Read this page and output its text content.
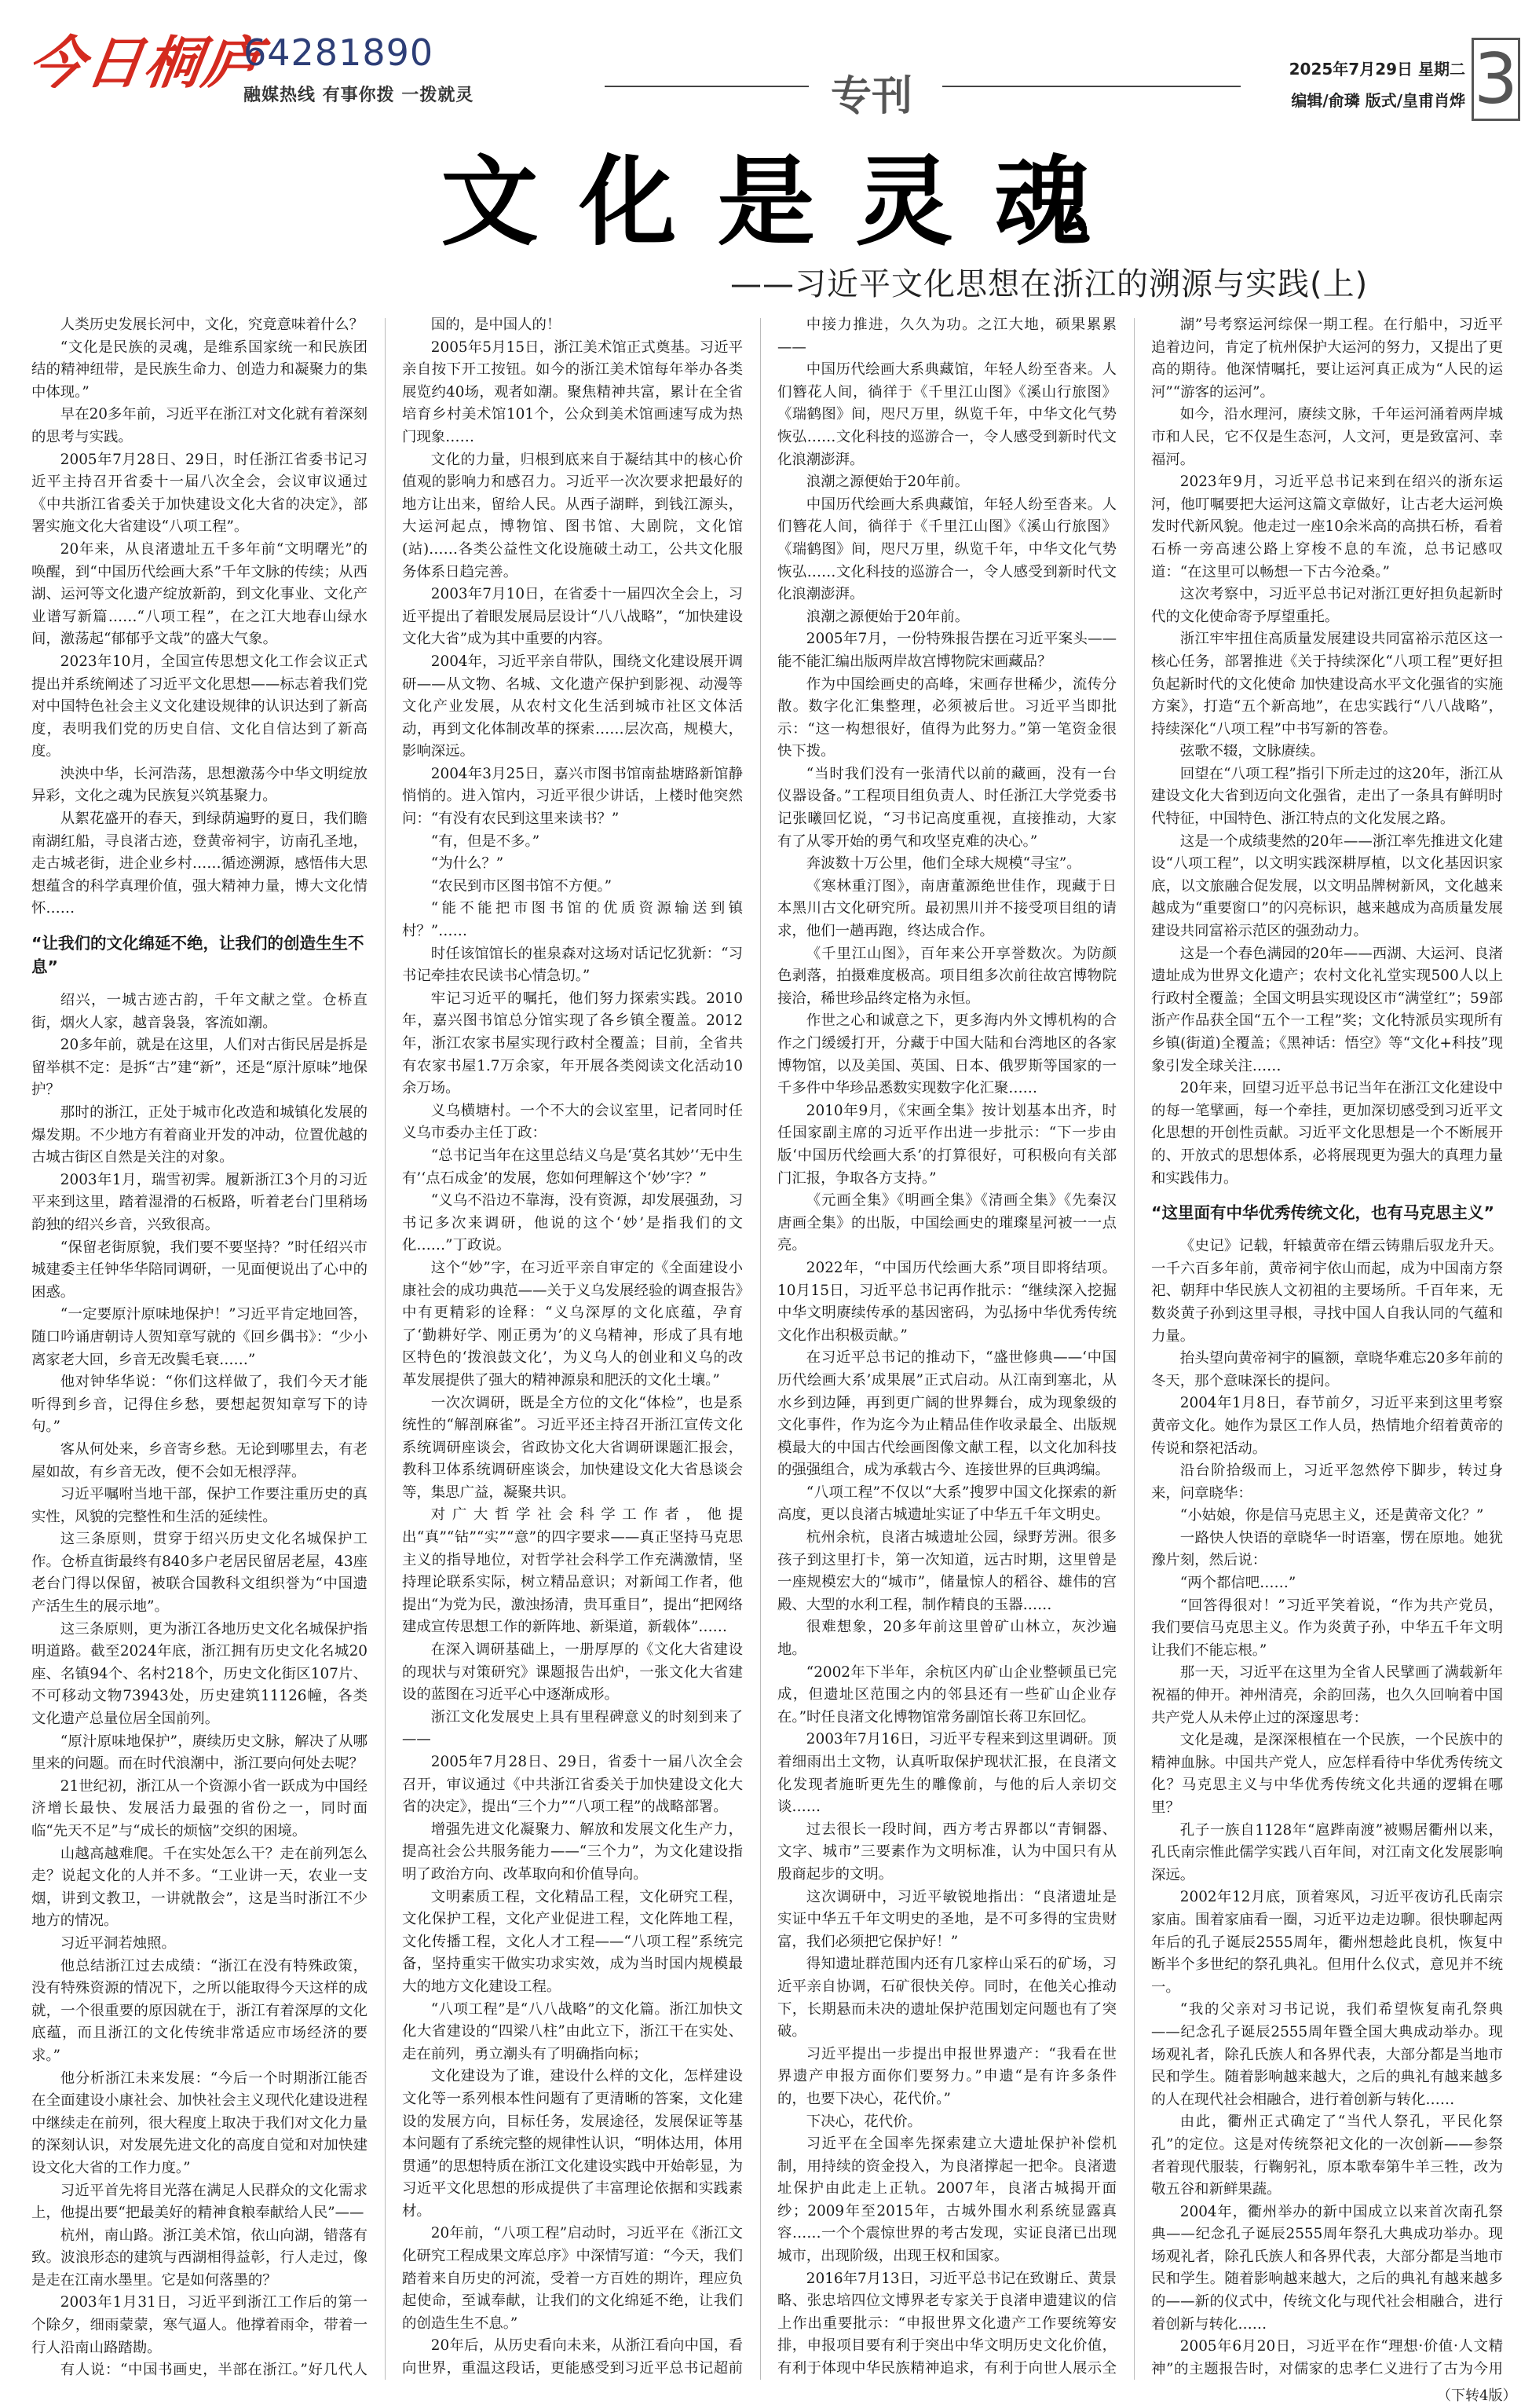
今日桐庐
64281890
融媒热线 有事你拨 一拨就灵	专刊
2025年7月29日 星期二
编辑/俞璘 版式/皇甫肖烨 3
文化是灵魂
——习近平文化思想在浙江的溯源与实践(上)

人类历史发展长河中，文化，究竟意味着什么？

“文化是民族的灵魂，是维系国家统一和民族团结的精神纽带，是民族生命力、创造力和凝聚力的集中体现。”

早在20多年前，习近平在浙江对文化就有着深刻的思考与实践。

2005年7月28日、29日，时任浙江省委书记习近平主持召开省委十一届八次全会，会议审议通过《中共浙江省委关于加快建设文化大省的决定》，部署实施文化大省建设“八项工程”。

20年来，从良渚遗址五千多年前“文明曙光”的唤醒，到“中国历代绘画大系”千年文脉的传续；从西湖、运河等文化遗产绽放新韵，到文化事业、文化产业谱写新篇……“八项工程”，在之江大地春山绿水间，激荡起“郁郁乎文哉”的盛大气象。

2023年10月，全国宣传思想文化工作会议正式提出并系统阐述了习近平文化思想——标志着我们党对中国特色社会主义文化建设规律的认识达到了新高度，表明我们党的历史自信、文化自信达到了新高度。

泱泱中华，长河浩荡，思想激荡今中华文明绽放异彩，文化之魂为民族复兴筑基聚力。

从絮花盛开的春天，到绿荫遍野的夏日，我们瞻南湖红船，寻良渚古迹，登黄帝祠宇，访南孔圣地，走古城老街，进企业乡村……循迹溯源，感悟伟大思想蕴含的科学真理价值，强大精神力量，博大文化情怀……

“让我们的文化绵延不绝，让我们的创造生生不息”

绍兴，一城古迹古韵，千年文献之堂。仓桥直街，烟火人家，越音袅袅，客流如潮。

20多年前，就是在这里，人们对古街民居是拆是留举棋不定：是拆“古”建“新”，还是“原汁原味”地保护？

那时的浙江，正处于城市化改造和城镇化发展的爆发期。不少地方有着商业开发的冲动，位置优越的古城古街区自然是关注的对象。

2003年1月，瑞雪初霁。履新浙江3个月的习近平来到这里，踏着湿滑的石板路，听着老台门里稍场韵独的绍兴乡音，兴致很高。

“保留老街原貌，我们要不要坚持？”时任绍兴市城建委主任钟华华陪同调研，一见面便说出了心中的困惑。

“一定要原汁原味地保护！”习近平肯定地回答，随口吟诵唐朝诗人贺知章写就的《回乡偶书》：“少小离家老大回，乡音无改鬓毛衰……”

他对钟华华说：“你们这样做了，我们今天才能听得到乡音，记得住乡愁，要想起贺知章写下的诗句。”

客从何处来，乡音寄乡愁。无论到哪里去，有老屋如故，有乡音无改，便不会如无根浮萍。

习近平嘱咐当地干部，保护工作要注重历史的真实性，风貌的完整性和生活的延续性。

这三条原则，贯穿于绍兴历史文化名城保护工作。仓桥直街最终有840多户老居民留居老屋，43座老台门得以保留，被联合国教科文组织誉为“中国遗产活生生的展示地”。

这三条原则，更为浙江各地历史文化名城保护指明道路。截至2024年底，浙江拥有历史文化名城20座、名镇94个、名村218个，历史文化街区107片、不可移动文物73943处，历史建筑11126幢，各类文化遗产总量位居全国前列。

“原汁原味地保护”，赓续历史文脉，解决了从哪里来的问题。而在时代浪潮中，浙江要向何处去呢？

21世纪初，浙江从一个资源小省一跃成为中国经济增长最快、发展活力最强的省份之一，同时面临“先天不足”与“成长的烦恼”交织的困境。

山越高越难爬。千在实处怎么干？走在前列怎么走？说起文化的人并不多。“工业讲一天，农业一支烟，讲到文教卫，一讲就散会”，这是当时浙江不少地方的情况。

习近平洞若烛照。

他总结浙江过去成绩：“浙江在没有特殊政策，没有特殊资源的情况下，之所以能取得今天这样的成就，一个很重要的原因就在于，浙江有着深厚的文化底蕴，而且浙江的文化传统非常适应市场经济的要求。”

他分析浙江未来发展：“今后一个时期浙江能否在全面建设小康社会、加快社会主义现代化建设进程中继续走在前列，很大程度上取决于我们对文化力量的深刻认识，对发展先进文化的高度自觉和对加快建设文化大省的工作力度。”

习近平首先将目光落在满足人民群众的文化需求上，他提出要“把最美好的精神食粮奉献给人民”——

杭州，南山路。浙江美术馆，依山向湖，错落有致。波浪形态的建筑与西湖相得益彰，行人走过，像是走在江南水墨里。它是如何落墨的？

2003年1月31日，习近平到浙江工作后的第一个除夕，细雨蒙蒙，寒气逼人。他撑着雨伞，带着一行人沿南山路踏勘。

有人说：“中国书画史，半部在浙江。”好几代人

国的，是中国人的！

2005年5月15日，浙江美术馆正式奠基。习近平亲自按下开工按钮。如今的浙江美术馆每年举办各类展览约40场，观者如潮。聚焦精神共富，累计在全省培育乡村美术馆101个，公众到美术馆画速写成为热门现象……

文化的力量，归根到底来自于凝结其中的核心价值观的影响力和感召力。习近平一次次要求把最好的地方让出来，留给人民。从西子湖畔，到钱江源头，大运河起点，博物馆、图书馆、大剧院，文化馆(站)……各类公益性文化设施破土动工，公共文化服务体系日趋完善。

2003年7月10日，在省委十一届四次全会上，习近平提出了着眼发展局层设计“八八战略”，“加快建设文化大省”成为其中重要的内容。

2004年，习近平亲自带队，围绕文化建设展开调研——从文物、名城、文化遗产保护到影视、动漫等文化产业发展，从农村文化生活到城市社区文体活动，再到文化体制改革的探索……层次高，规模大，影响深远。

2004年3月25日，嘉兴市图书馆南盐塘路新馆静悄悄的。进入馆内，习近平很少讲话，上楼时他突然问：“有没有农民到这里来读书？”

“有，但是不多。”

“为什么？”

“农民到市区图书馆不方便。”

“能不能把市图书馆的优质资源输送到镇村？”……

时任该馆馆长的崔泉森对这场对话记忆犹新：“习书记牵挂农民读书心情急切。”

牢记习近平的嘱托，他们努力探索实践。2010年，嘉兴图书馆总分馆实现了各乡镇全覆盖。2012年，浙江农家书屋实现行政村全覆盖；目前，全省共有农家书屋1.7万余家，年开展各类阅读文化活动10余万场。

义乌横塘村。一个不大的会议室里，记者同时任义乌市委办主任丁政：

“总书记当年在这里总结义乌是‘莫名其妙’‘无中生有’‘点石成金’的发展，您如何理解这个‘妙’字？”

“义乌不沿边不靠海，没有资源，却发展强劲，习书记多次来调研，他说的这个‘妙’是指我们的文化……”丁政说。

这个“妙”字，在习近平亲自审定的《全面建设小康社会的成功典范——关于义乌发展经验的调查报告》中有更精彩的诠释：“义乌深厚的文化底蕴，孕育了‘勤耕好学、刚正勇为’的义乌精神，形成了具有地区特色的‘拨浪鼓文化’，为义乌人的创业和义乌的改革发展提供了强大的精神源泉和肥沃的文化土壤。”

一次次调研，既是全方位的文化“体检”，也是系统性的“解剖麻雀”。习近平还主持召开浙江宣传文化系统调研座谈会，省政协文化大省调研课题汇报会，教科卫体系统调研座谈会，加快建设文化大省恳谈会等，集思广益，凝聚共识。

对广大哲学社会科学工作者，他提出“真”“钻”“实”“意”的四字要求——真正坚持马克思主义的指导地位，对哲学社会科学工作充满激情，坚持理论联系实际，树立精品意识；对新闻工作者，他提出“为党为民，激浊扬清，贵耳重目”，提出“把网络建成宣传思想工作的新阵地、新渠道，新载体”……

在深入调研基础上，一册厚厚的《文化大省建设的现状与对策研究》课题报告出炉，一张文化大省建设的蓝图在习近平心中逐渐成形。

浙江文化发展史上具有里程碑意义的时刻到来了——

2005年7月28日、29日，省委十一届八次全会召开，审议通过《中共浙江省委关于加快建设文化大省的决定》，提出“三个力”“八项工程”的战略部署。

增强先进文化凝聚力、解放和发展文化生产力，提高社会公共服务能力——“三个力”，为文化建设指明了政治方向、改革取向和价值导向。

文明素质工程，文化精品工程，文化研究工程，文化保护工程，文化产业促进工程，文化阵地工程，文化传播工程，文化人才工程——“八项工程”系统完备，坚持重实干做实功求实效，成为当时国内规模最大的地方文化建设工程。

“八项工程”是“八八战略”的文化篇。浙江加快文化大省建设的“四梁八柱”由此立下，浙江干在实处、走在前列，勇立潮头有了明确指向标；

文化建设为了谁，建设什么样的文化，怎样建设文化等一系列根本性问题有了更清晰的答案，文化建设的发展方向，目标任务，发展途径，发展保证等基本问题有了系统完整的规律性认识，“明体达用，体用贯通”的思想特质在浙江文化建设实践中开始彰显，为习近平文化思想的形成提供了丰富理论依据和实践素材。

20年前，“八项工程”启动时，习近平在《浙江文化研究工程成果文库总序》中深情写道：“今天，我们踏着来自历史的河流，受着一方百姓的期许，理应负起使命，至诚奉献，让我们的文化绵延不绝，让我们的创造生生不息。”

20年后，从历史看向未来，从浙江看向中国，看向世界，重温这段话，更能感受到习近平总书记超前

中接力推进，久久为功。之江大地，硕果累累——

中国历代绘画大系典藏馆，年轻人纷至沓来。人们簪花人间，徜徉于《千里江山图》《溪山行旅图》《瑞鹤图》间，咫尺万里，纵览千年，中华文化气势恢弘……文化科技的巡游合一，令人感受到新时代文化浪潮澎湃。

浪潮之源便始于20年前。

中国历代绘画大系典藏馆，年轻人纷至沓来。人们簪花人间，徜徉于《千里江山图》《溪山行旅图》《瑞鹤图》间，咫尺万里，纵览千年，中华文化气势恢弘……文化科技的巡游合一，令人感受到新时代文化浪潮澎湃。

浪潮之源便始于20年前。

2005年7月，一份特殊报告摆在习近平案头——能不能汇编出版两岸故宫博物院宋画藏品？

作为中国绘画史的高峰，宋画存世稀少，流传分散。数字化汇集整理，必须被后世。习近平当即批示：“这一构想很好，值得为此努力。”第一笔资金很快下拨。

“当时我们没有一张清代以前的藏画，没有一台仪器设备。”工程项目组负责人、时任浙江大学党委书记张曦回忆说，“习书记高度重视，直接推动，大家有了从零开始的勇气和攻坚克难的决心。”

奔波数十万公里，他们全球大规模“寻宝”。

《寒林重汀图》，南唐董源绝世佳作，现藏于日本黑川古文化研究所。最初黑川并不接受项目组的请求，他们一趟再跑，终达成合作。

《千里江山图》，百年来公开享誉数次。为防颜色剥落，拍摄难度极高。项目组多次前往故宫博物院接洽，稀世珍品终定格为永恒。

作世之心和诚意之下，更多海内外文博机构的合作之门缓缓打开，分藏于中国大陆和台湾地区的各家博物馆，以及美国、英国、日本、俄罗斯等国家的一千多件中华珍品悉数实现数字化汇聚……

2010年9月，《宋画全集》按计划基本出齐，时任国家副主席的习近平作出进一步批示：“下一步由版‘中国历代绘画大系’的打算很好，可积极向有关部门汇报，争取各方支持。”

《元画全集》《明画全集》《清画全集》《先秦汉唐画全集》的出版，中国绘画史的璀璨星河被一一点亮。

2022年，“中国历代绘画大系”项目即将结项。10月15日，习近平总书记再作批示：“继续深入挖掘中华文明赓续传承的基因密码，为弘扬中华优秀传统文化作出积极贡献。”

在习近平总书记的推动下，“盛世修典——‘中国历代绘画大系’成果展”正式启动。从江南到塞北，从水乡到边陲，再到更广阔的世界舞台，成为现象级的文化事件，作为迄今为止精品佳作收录最全、出版规模最大的中国古代绘画图像文献工程，以文化加科技的强强组合，成为承载古今、连接世界的巨典鸿编。

“八项工程”不仅以“大系”搜罗中国文化探索的新高度，更以良渚古城遗址实证了中华五千年文明史。

杭州余杭，良渚古城遗址公园，绿野芳洲。很多孩子到这里打卡，第一次知道，远古时期，这里曾是一座规模宏大的“城市”，储量惊人的稻谷、雄伟的宫殿、大型的水利工程，制作精良的玉器……

很难想象，20多年前这里曾矿山林立，灰沙遍地。

“2002年下半年，余杭区内矿山企业整顿虽已完成，但遗址区范围之内的邻县还有一些矿山企业存在。”时任良渚文化博物馆常务副馆长蒋卫东回忆。

2003年7月16日，习近平专程来到这里调研。顶着细雨出土文物，认真听取保护现状汇报，在良渚文化发现者施昕更先生的雕像前，与他的后人亲切交谈……

过去很长一段时间，西方考古界都以“青铜器、文字、城市”三要素作为文明标准，认为中国只有从殷商起步的文明。

这次调研中，习近平敏锐地指出：“良渚遗址是实证中华五千年文明史的圣地，是不可多得的宝贵财富，我们必须把它保护好！”

得知遗址群范围内还有几家梓山采石的矿场，习近平亲自协调，石矿很快关停。同时，在他关心推动下，长期悬而未决的遗址保护范围划定问题也有了突破。

习近平提出一步提出申报世界遗产：“我看在世界遗产申报方面你们要努力。”申遗“是有许多条件的，也要下决心，花代价。”

下决心，花代价。

习近平在全国率先探索建立大遗址保护补偿机制，用持续的资金投入，为良渚撑起一把伞。良渚遗址保护由此走上正轨。2007年，良渚古城揭开面纱；2009年至2015年，古城外围水利系统显露真容……一个个震惊世界的考古发现，实证良渚已出现城市，出现阶级，出现王权和国家。

2016年7月13日，习近平总书记在致谢丘、黄景略、张忠培四位文博界老专家关于良渚申遗建议的信上作出重要批示：“申报世界文化遗产工作要统筹安排，申报项目要有利于突出中华文明历史文化价值，有利于体现中华民族精神追求，有利于向世人展示全

湖”号考察运河综保一期工程。在行船中，习近平追着边问，肯定了杭州保护大运河的努力，又提出了更高的期待。他深情嘱托，要让运河真正成为“人民的运河”“游客的运河”。

如今，沿水理河，赓续文脉，千年运河涌着两岸城市和人民，它不仅是生态河，人文河，更是致富河、幸福河。

2023年9月，习近平总书记来到在绍兴的浙东运河，他叮嘱要把大运河这篇文章做好，让古老大运河焕发时代新风貌。他走过一座10余米高的高拱石桥，看着石桥一旁高速公路上穿梭不息的车流，总书记感叹道：“在这里可以畅想一下古今沧桑。”

这次考察中，习近平总书记对浙江更好担负起新时代的文化使命寄予厚望重托。

浙江牢牢扭住高质量发展建设共同富裕示范区这一核心任务，部署推进《关于持续深化“八项工程”更好担负起新时代的文化使命 加快建设高水平文化强省的实施方案》，打造“五个新高地”，在忠实践行“八八战略”，持续深化“八项工程”中书写新的答卷。

弦歌不辍，文脉赓续。

回望在“八项工程”指引下所走过的这20年，浙江从建设文化大省到迈向文化强省，走出了一条具有鲜明时代特征，中国特色、浙江特点的文化发展之路。

这是一个成绩斐然的20年——浙江率先推进文化建设“八项工程”，以文明实践深耕厚植，以文化基因识家底，以文旅融合促发展，以文明品牌树新风，文化越来越成为“重要窗口”的闪亮标识，越来越成为高质量发展建设共同富裕示范区的强劲动力。

这是一个春色满园的20年——西湖、大运河、良渚遗址成为世界文化遗产；农村文化礼堂实现500人以上行政村全覆盖；全国文明县实现设区市“满堂红”；59部浙产作品获全国“五个一工程”奖；文化特派员实现所有乡镇(街道)全覆盖；《黑神话：悟空》等“文化+科技”现象引发全球关注……

20年来，回望习近平总书记当年在浙江文化建设中的每一笔擘画，每一个牵挂，更加深切感受到习近平文化思想的开创性贡献。习近平文化思想是一个不断展开的、开放式的思想体系，必将展现更为强大的真理力量和实践伟力。

“这里面有中华优秀传统文化，也有马克思主义”

《史记》记载，轩辕黄帝在缙云铸鼎后驭龙升天。一千六百多年前，黄帝祠宇依山而起，成为中国南方祭祀、朝拜中华民族人文初祖的主要场所。千百年来，无数炎黄子孙到这里寻根，寻找中国人自我认同的气蕴和力量。

抬头望向黄帝祠宇的匾额，章晓华难忘20多年前的冬天，那个意味深长的提问。

2004年1月8日，春节前夕，习近平来到这里考察黄帝文化。她作为景区工作人员，热情地介绍着黄帝的传说和祭祀活动。

沿台阶拾级而上，习近平忽然停下脚步，转过身来，问章晓华：

“小姑娘，你是信马克思主义，还是黄帝文化？”

一路快人快语的章晓华一时语塞，愣在原地。她犹豫片刻，然后说：

“两个都信吧……”

“回答得很对！”习近平笑着说，“作为共产党员，我们要信马克思主义。作为炎黄子孙，中华五千年文明让我们不能忘根。”

那一天，习近平在这里为全省人民擘画了满载新年祝福的伸开。神州清亮，余韵回荡，也久久回响着中国共产党人从未停止过的深邃思考：

文化是魂，是深深根植在一个民族，一个民族中的精神血脉。中国共产党人，应怎样看待中华优秀传统文化？马克思主义与中华优秀传统文化共通的逻辑在哪里？

孔子一族自1128年“扈跸南渡”被赐居衢州以来，孔氏南宗惟此儒学实践八百年间，对江南文化发展影响深远。

2002年12月底，顶着寒风，习近平夜访孔氏南宗家庙。围着家庙看一圈，习近平边走边聊。很快聊起两年后的孔子诞辰2555周年，衢州想趁此良机，恢复中断半个多世纪的祭孔典礼。但用什么仪式，意见并不统一。

“我的父亲对习书记说，我们希望恢复南孔祭典——纪念孔子诞辰2555周年暨全国大典成动举办。现场观礼者，除孔氏族人和各界代表，大部分都是当地市民和学生。随着影响越来越大，之后的典礼有越来越多的人在现代社会相融合，进行着创新与转化……

由此，衢州正式确定了“当代人祭孔，平民化祭孔”的定位。这是对传统祭祀文化的一次创新——参祭者着现代服装，行鞠躬礼，原本歌奉第牛羊三牲，改为敬五谷和新鲜果蔬。

2004年，衢州举办的新中国成立以来首次南孔祭典——纪念孔子诞辰2555周年祭孔大典成功举办。现场观礼者，除孔氏族人和各界代表，大部分都是当地市民和学生。随着影响越来越大，之后的典礼有越来越多的——新的仪式中，传统文化与现代社会相融合，进行着创新与转化……

2005年6月20日，习近平在作“理想·价值·人文精神”的主题报告时，对儒家的忠孝仁义进行了古为今用

（下转4版）
